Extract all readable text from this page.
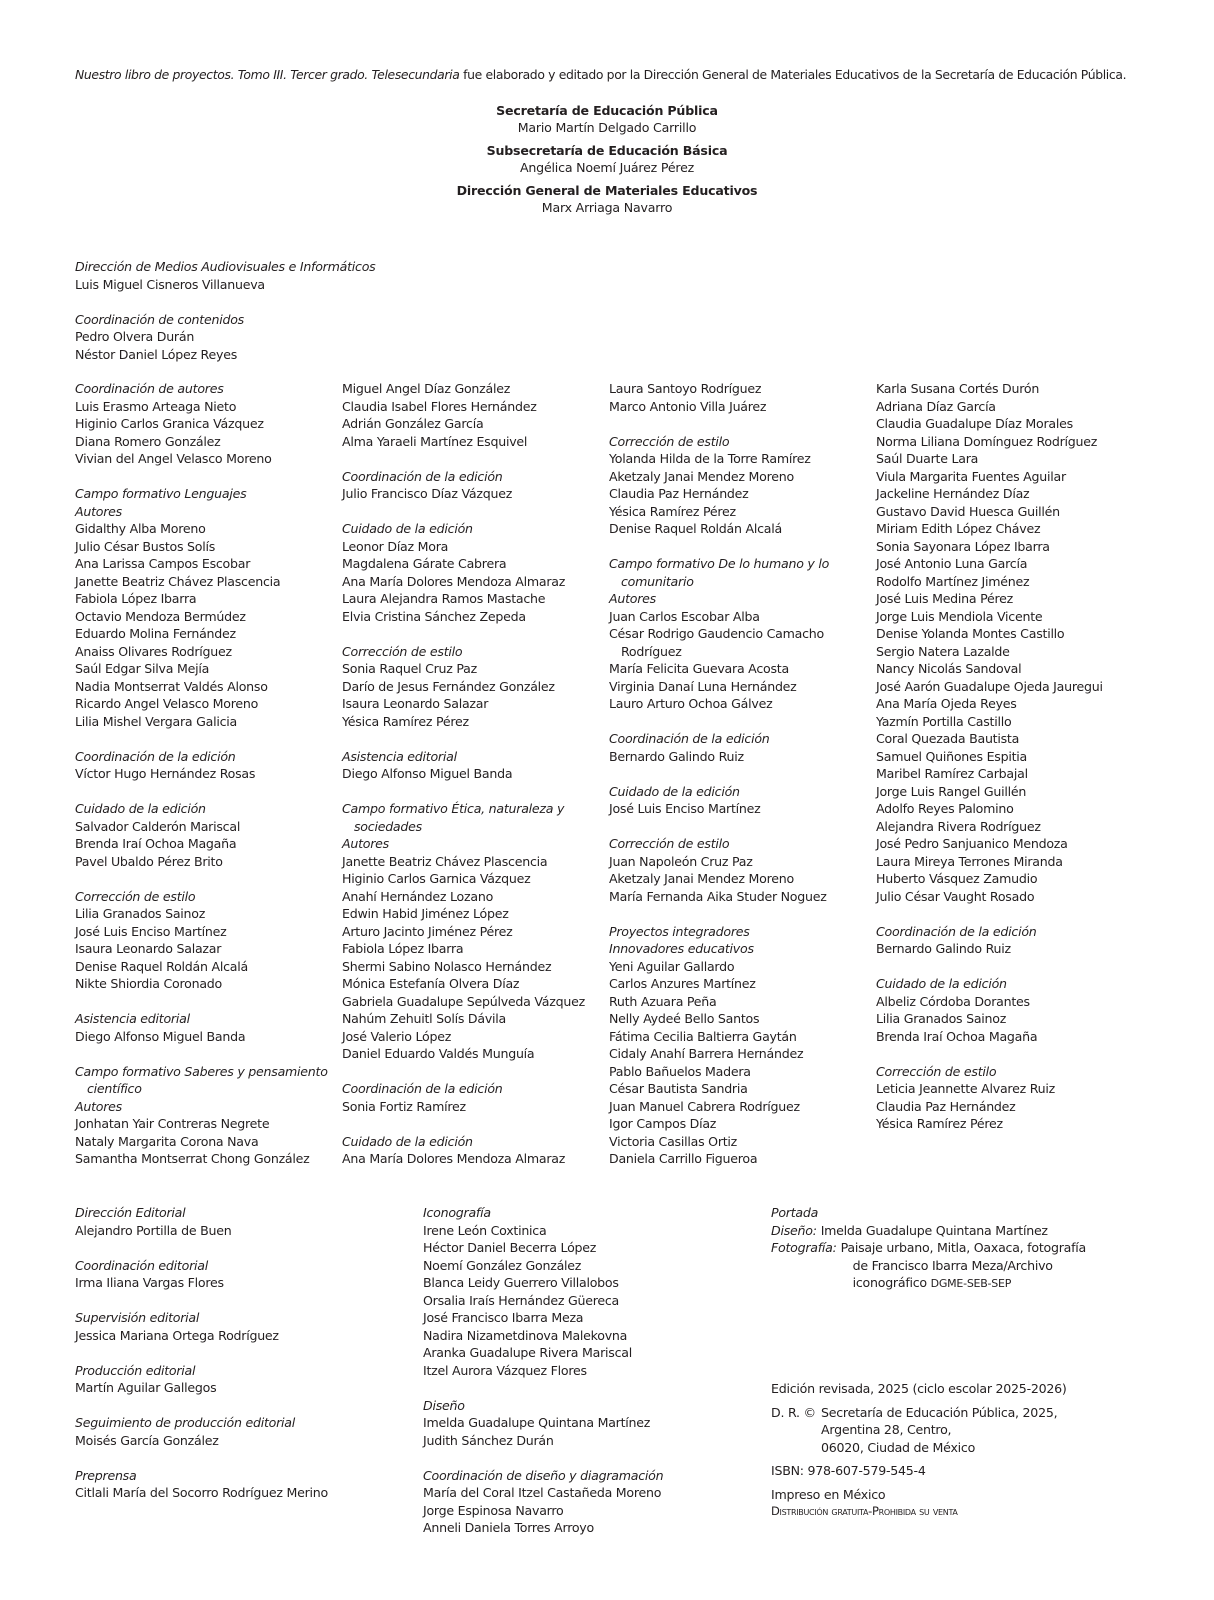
Nuestro libro de proyectos. Tomo III. Tercer grado. Telesecundaria fue elaborado y editado por la Dirección General de Materiales Educativos de la Secretaría de Educación Pública.
Secretaría de Educación Pública
Mario Martín Delgado Carrillo
Subsecretaría de Educación Básica
Angélica Noemí Juárez Pérez
Dirección General de Materiales Educativos
Marx Arriaga Navarro
Dirección de Medios Audiovisuales e Informáticos
Luis Miguel Cisneros Villanueva
Coordinación de contenidos
Pedro Olvera Durán
Néstor Daniel López Reyes
Coordinación de autores
Luis Erasmo Arteaga Nieto
Higinio Carlos Granica Vázquez
Diana Romero González
Vivian del Angel Velasco Moreno
Campo formativo Lenguajes
Autores
Gidalthy Alba Moreno
Julio César Bustos Solís
Ana Larissa Campos Escobar
Janette Beatriz Chávez Plascencia
Fabiola López Ibarra
Octavio Mendoza Bermúdez
Eduardo Molina Fernández
Anaiss Olivares Rodríguez
Saúl Edgar Silva Mejía
Nadia Montserrat Valdés Alonso
Ricardo Angel Velasco Moreno
Lilia Mishel Vergara Galicia
Coordinación de la edición
Víctor Hugo Hernández Rosas
Cuidado de la edición
Salvador Calderón Mariscal
Brenda Iraí Ochoa Magaña
Pavel Ubaldo Pérez Brito
Corrección de estilo
Lilia Granados Sainoz
José Luis Enciso Martínez
Isaura Leonardo Salazar
Denise Raquel Roldán Alcalá
Nikte Shiordia Coronado
Asistencia editorial
Diego Alfonso Miguel Banda
Campo formativo Saberes y pensamiento
científico
Autores
Jonhatan Yair Contreras Negrete
Nataly Margarita Corona Nava
Samantha Montserrat Chong González
Miguel Angel Díaz González
Claudia Isabel Flores Hernández
Adrián González García
Alma Yaraeli Martínez Esquivel
Coordinación de la edición
Julio Francisco Díaz Vázquez
Cuidado de la edición
Leonor Díaz Mora
Magdalena Gárate Cabrera
Ana María Dolores Mendoza Almaraz
Laura Alejandra Ramos Mastache
Elvia Cristina Sánchez Zepeda
Corrección de estilo
Sonia Raquel Cruz Paz
Darío de Jesus Fernández González
Isaura Leonardo Salazar
Yésica Ramírez Pérez
Asistencia editorial
Diego Alfonso Miguel Banda
Campo formativo Ética, naturaleza y
sociedades
Autores
Janette Beatriz Chávez Plascencia
Higinio Carlos Garnica Vázquez
Anahí Hernández Lozano
Edwin Habid Jiménez López
Arturo Jacinto Jiménez Pérez
Fabiola López Ibarra
Shermi Sabino Nolasco Hernández
Mónica Estefanía Olvera Díaz
Gabriela Guadalupe Sepúlveda Vázquez
Nahúm Zehuitl Solís Dávila
José Valerio López
Daniel Eduardo Valdés Munguía
Coordinación de la edición
Sonia Fortiz Ramírez
Cuidado de la edición
Ana María Dolores Mendoza Almaraz
Laura Santoyo Rodríguez
Marco Antonio Villa Juárez
Corrección de estilo
Yolanda Hilda de la Torre Ramírez
Aketzaly Janai Mendez Moreno
Claudia Paz Hernández
Yésica Ramírez Pérez
Denise Raquel Roldán Alcalá
Campo formativo De lo humano y lo
comunitario
Autores
Juan Carlos Escobar Alba
César Rodrigo Gaudencio Camacho
Rodríguez
María Felicita Guevara Acosta
Virginia Danaí Luna Hernández
Lauro Arturo Ochoa Gálvez
Coordinación de la edición
Bernardo Galindo Ruiz
Cuidado de la edición
José Luis Enciso Martínez
Corrección de estilo
Juan Napoleón Cruz Paz
Aketzaly Janai Mendez Moreno
María Fernanda Aika Studer Noguez
Proyectos integradores
Innovadores educativos
Yeni Aguilar Gallardo
Carlos Anzures Martínez
Ruth Azuara Peña
Nelly Aydeé Bello Santos
Fátima Cecilia Baltierra Gaytán
Cidaly Anahí Barrera Hernández
Pablo Bañuelos Madera
César Bautista Sandria
Juan Manuel Cabrera Rodríguez
Igor Campos Díaz
Victoria Casillas Ortiz
Daniela Carrillo Figueroa
Karla Susana Cortés Durón
Adriana Díaz García
Claudia Guadalupe Díaz Morales
Norma Liliana Domínguez Rodríguez
Saúl Duarte Lara
Viula Margarita Fuentes Aguilar
Jackeline Hernández Díaz
Gustavo David Huesca Guillén
Miriam Edith López Chávez
Sonia Sayonara López Ibarra
José Antonio Luna García
Rodolfo Martínez Jiménez
José Luis Medina Pérez
Jorge Luis Mendiola Vicente
Denise Yolanda Montes Castillo
Sergio Natera Lazalde
Nancy Nicolás Sandoval
José Aarón Guadalupe Ojeda Jauregui
Ana María Ojeda Reyes
Yazmín Portilla Castillo
Coral Quezada Bautista
Samuel Quiñones Espitia
Maribel Ramírez Carbajal
Jorge Luis Rangel Guillén
Adolfo Reyes Palomino
Alejandra Rivera Rodríguez
José Pedro Sanjuanico Mendoza
Laura Mireya Terrones Miranda
Huberto Vásquez Zamudio
Julio César Vaught Rosado
Coordinación de la edición
Bernardo Galindo Ruiz
Cuidado de la edición
Albeliz Córdoba Dorantes
Lilia Granados Sainoz
Brenda Iraí Ochoa Magaña
Corrección de estilo
Leticia Jeannette Alvarez Ruiz
Claudia Paz Hernández
Yésica Ramírez Pérez
Dirección Editorial
Alejandro Portilla de Buen
Coordinación editorial
Irma Iliana Vargas Flores
Supervisión editorial
Jessica Mariana Ortega Rodríguez
Producción editorial
Martín Aguilar Gallegos
Seguimiento de producción editorial
Moisés García González
Preprensa
Citlali María del Socorro Rodríguez Merino
Iconografía
Irene León Coxtinica
Héctor Daniel Becerra López
Noemí González González
Blanca Leidy Guerrero Villalobos
Orsalia Iraís Hernández Güereca
José Francisco Ibarra Meza
Nadira Nizametdinova Malekovna
Aranka Guadalupe Rivera Mariscal
Itzel Aurora Vázquez Flores
Diseño
Imelda Guadalupe Quintana Martínez
Judith Sánchez Durán
Coordinación de diseño y diagramación
María del Coral Itzel Castañeda Moreno
Jorge Espinosa Navarro
Anneli Daniela Torres Arroyo
Portada
Diseño: Imelda Guadalupe Quintana Martínez
Fotografía: Paisaje urbano, Mitla, Oaxaca, fotografía
de Francisco Ibarra Meza/Archivo
iconográfico DGME-SEB-SEP
Edición revisada, 2025 (ciclo escolar 2025-2026)
D. R. © Secretaría de Educación Pública, 2025,
Argentina 28, Centro,
06020, Ciudad de México
ISBN: 978-607-579-545-4
Impreso en México
Distribución gratuita-Prohibida su venta
